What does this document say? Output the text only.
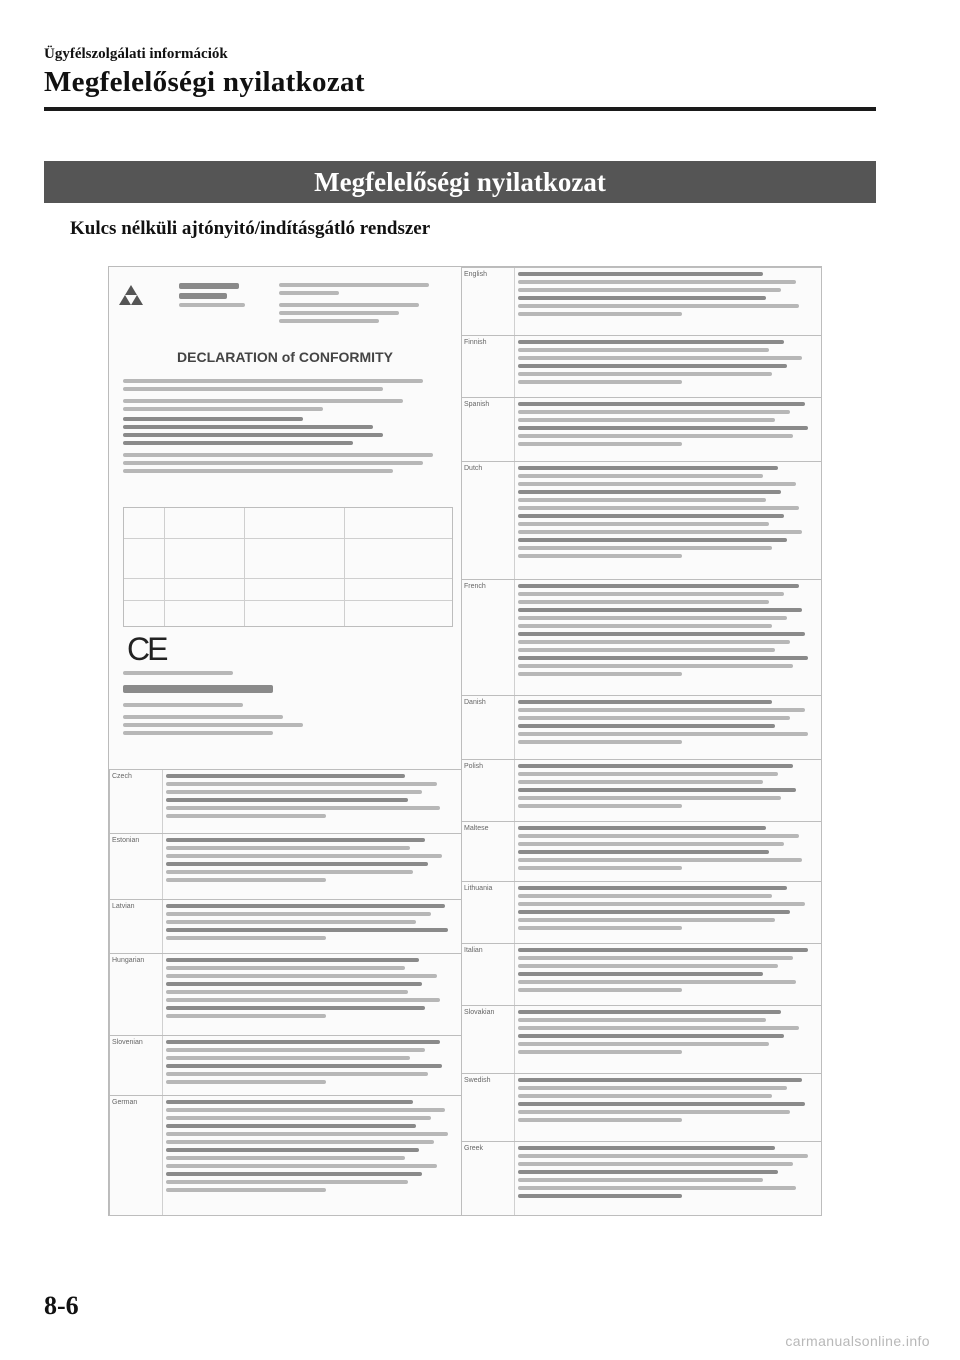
Ügyfélszolgálati információk
Megfelelőségi nyilatkozat
Megfelelőségi nyilatkozat
Kulcs nélküli ajtónyitó/indításgátló rendszer
DECLARATION of CONFORMITY
CE
English
Finnish
Spanish
Dutch
French
Danish
Polish
Maltese
Lithuania
Italian
Slovakian
Swedish
Greek
Czech
Estonian
Latvian
Hungarian
Slovenian
German
8-6
carmanualsonline.info
